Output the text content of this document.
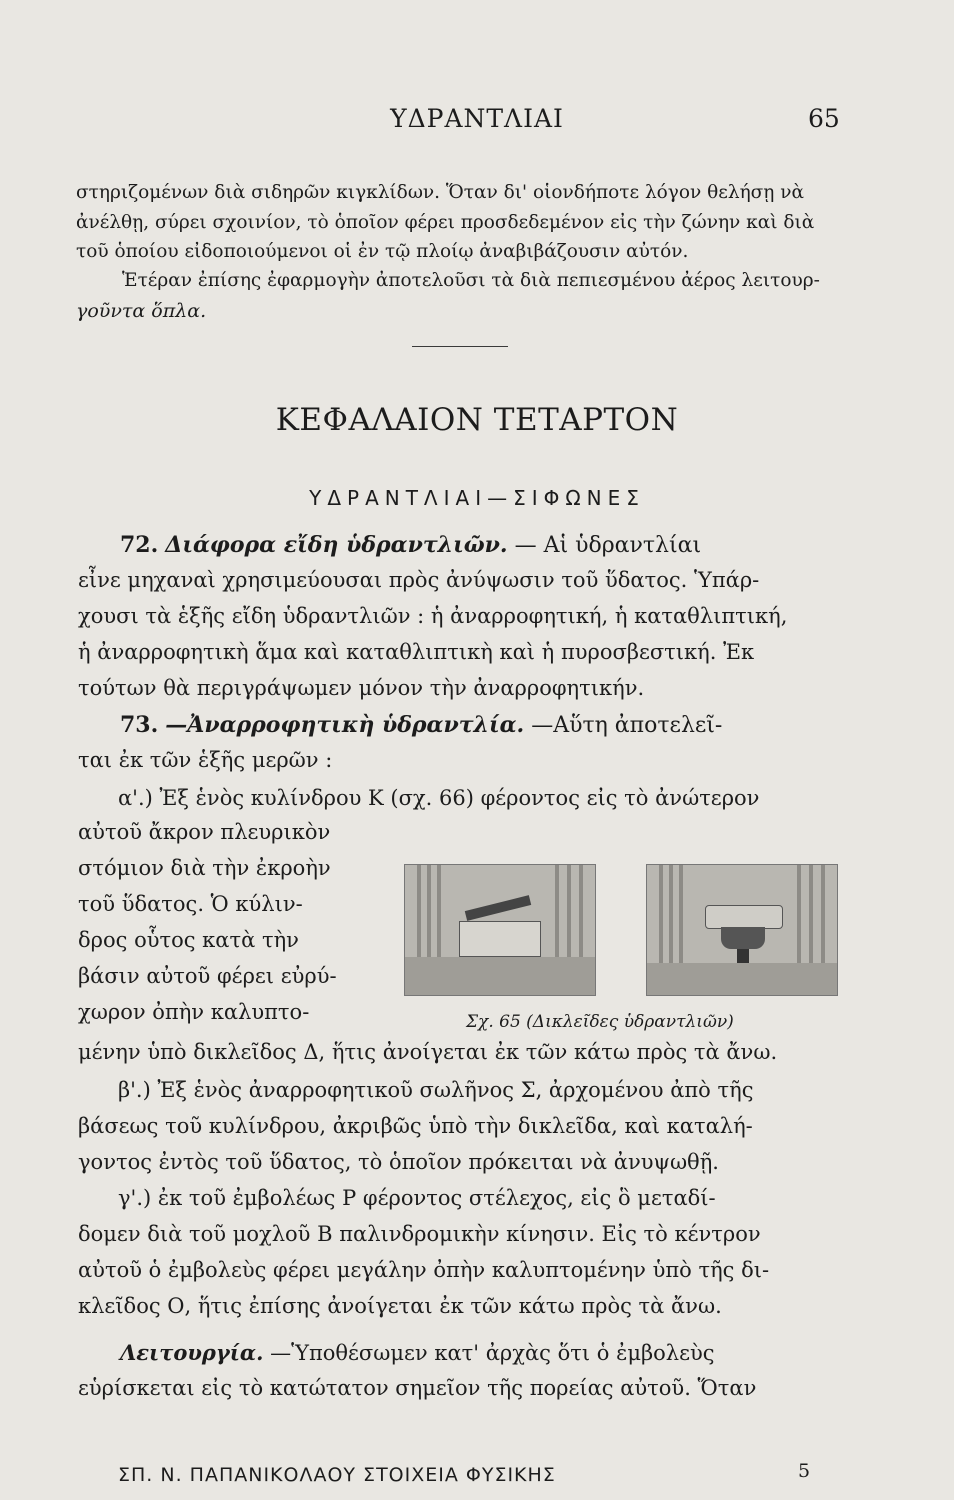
ΥΔΡΑΝΤΛΙΑΙ	65
στηριζομένων διὰ σιδηρῶν κιγκλίδων. Ὅταν δι' οἱονδήποτε λόγον θελήσῃ νὰ
ἀνέλθῃ, σύρει σχοινίον, τὸ ὁποῖον φέρει προσδεδεμένον εἰς τὴν ζώνην καὶ διὰ
τοῦ ὁποίου εἰδοποιούμενοι οἱ ἐν τῷ πλοίῳ ἀναβιβάζουσιν αὐτόν.
Ἑτέραν ἐπίσης ἐφαρμογὴν ἀποτελοῦσι τὰ διὰ πεπιεσμένου ἀέρος λειτουρ-
γοῦντα ὅπλα.
ΚΕΦΑΛΑΙΟΝ ΤΕΤΑΡΤΟΝ
ΥΔΡΑΝΤΛΙΑΙ—ΣΙΦΩΝΕΣ
72. Διάφορα εἴδη ὑδραντλιῶν. — Αἱ ὑδραντλίαι
εἶνε μηχαναὶ χρησιμεύουσαι πρὸς ἀνύψωσιν τοῦ ὕδατος. Ὑπάρ-
χουσι τὰ ἑξῆς εἴδη ὑδραντλιῶν : ἡ ἀναρροφητική, ἡ καταθλιπτική,
ἡ ἀναρροφητικὴ ἅμα καὶ καταθλιπτικὴ καὶ ἡ πυροσβεστική. Ἐκ
τούτων θὰ περιγράψωμεν μόνον τὴν ἀναρροφητικήν.
73. —Ἀναρροφητικὴ ὑδραντλία. —Αὕτη ἀποτελεῖ-
ται ἐκ τῶν ἑξῆς μερῶν :
α'.) Ἐξ ἑνὸς κυλίνδρου Κ (σχ. 66) φέροντος εἰς τὸ ἀνώτερον
αὐτοῦ ἄκρον πλευρικὸν
στόμιον διὰ τὴν ἐκροὴν
τοῦ ὕδατος. Ὁ κύλιν-
δρος οὗτος κατὰ τὴν
βάσιν αὐτοῦ φέρει εὐρύ-
χωρον ὀπὴν καλυπτο-	Σχ. 65 (Δικλεῖδες ὑδραντλιῶν)
μένην ὑπὸ δικλεῖδος Δ, ἥτις ἀνοίγεται ἐκ τῶν κάτω πρὸς τὰ ἄνω.
β'.) Ἐξ ἑνὸς ἀναρροφητικοῦ σωλῆνος Σ, ἀρχομένου ἀπὸ τῆς
βάσεως τοῦ κυλίνδρου, ἀκριβῶς ὑπὸ τὴν δικλεῖδα, καὶ καταλή-
γοντος ἐντὸς τοῦ ὕδατος, τὸ ὁποῖον πρόκειται νὰ ἀνυψωθῇ.
γ'.) ἐκ τοῦ ἐμβολέως Ρ φέροντος στέλεχος, εἰς ὃ μεταδί-
δομεν διὰ τοῦ μοχλοῦ Β παλινδρομικὴν κίνησιν. Εἰς τὸ κέντρον
αὐτοῦ ὁ ἐμβολεὺς φέρει μεγάλην ὀπὴν καλυπτομένην ὑπὸ τῆς δι-
κλεῖδος Ο, ἥτις ἐπίσης ἀνοίγεται ἐκ τῶν κάτω πρὸς τὰ ἄνω.
Λειτουργία. —Ὑποθέσωμεν κατ' ἀρχὰς ὅτι ὁ ἐμβολεὺς
εὑρίσκεται εἰς τὸ κατώτατον σημεῖον τῆς πορείας αὐτοῦ. Ὅταν
ΣΠ. Ν. ΠΑΠΑΝΙΚΟΛΑΟΥ ΣΤΟΙΧΕΙΑ ΦΥΣΙΚΗΣ	5
